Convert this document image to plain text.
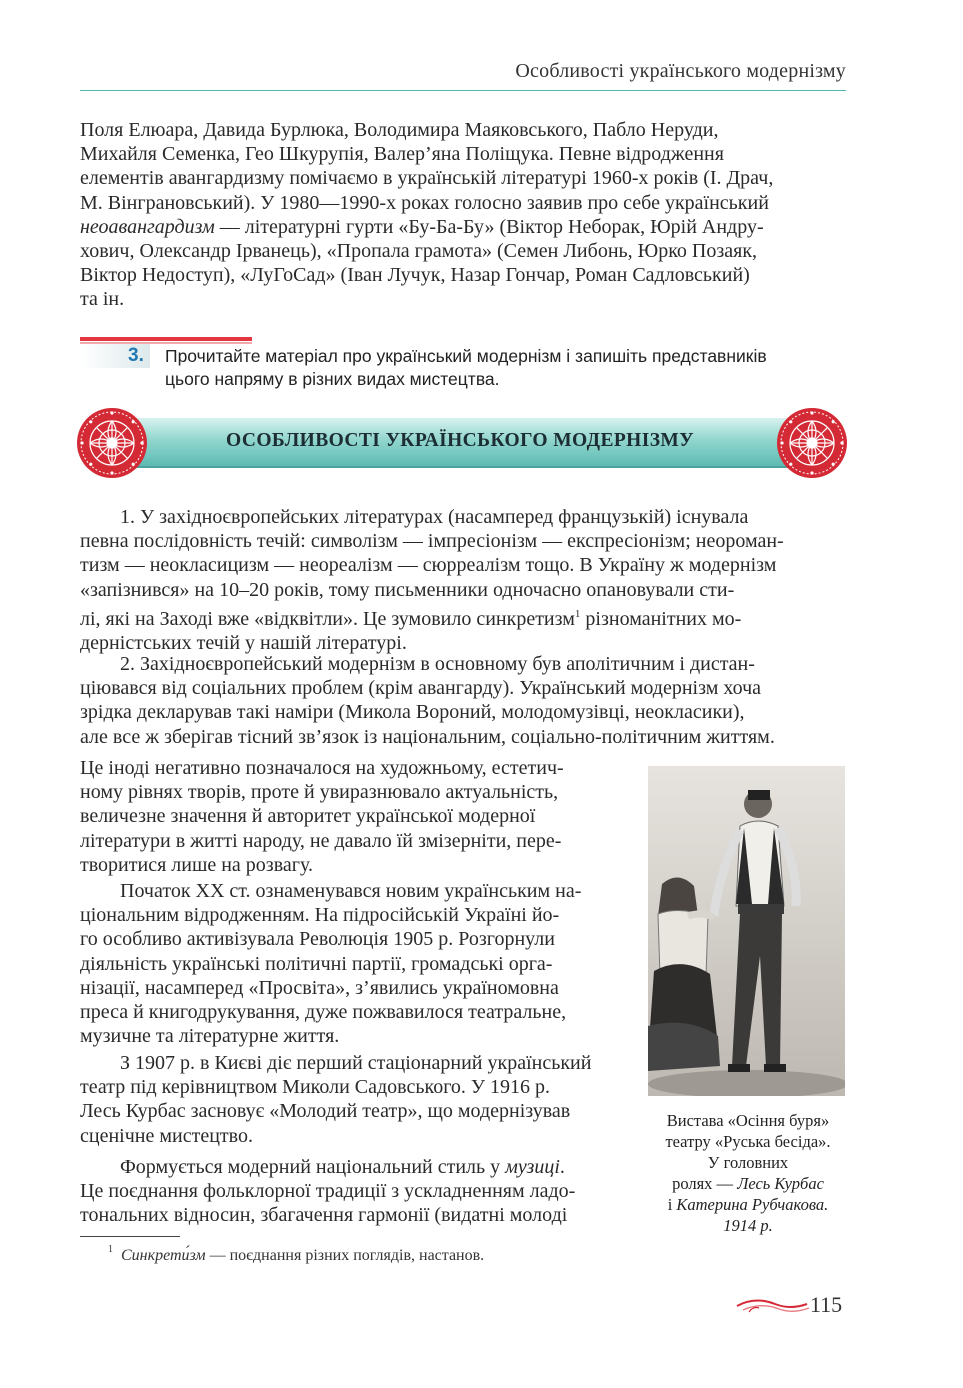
Особливості українського модернізму
Поля Елюара, Давида Бурлюка, Володимира Маяковського, Пабло Неруди,
Михайля Семенка, Гео Шкурупія, Валер’яна Поліщука. Певне відродження
елементів авангардизму помічаємо в українській літературі 1960-х років (І. Драч,
М. Вінграновський). У 1980—1990-х роках голосно заявив про себе український
неоавангардизм — літературні гурти «Бу-Ба-Бу» (Віктор Неборак, Юрій Андру-
хович, Олександр Ірванець), «Пропала грамота» (Семен Либонь, Юрко Позаяк,
Віктор Недоступ), «ЛуГоСад» (Іван Лучук, Назар Гончар, Роман Садловський)
та ін.
3. Прочитайте матеріал про український модернізм і запишіть представників
цього напряму в різних видах мистецтва.
ОСОБЛИВОСТІ УКРАЇНСЬКОГО МОДЕРНІЗМУ
1. У західноєвропейських літературах (насамперед французькій) існувала
певна послідовність течій: символізм — імпресіонізм — експресіонізм; неороман-
тизм — неокласицизм — неореалізм — сюрреалізм тощо. В Україну ж модернізм
«запізнився» на 10–20 років, тому письменники одночасно опановували сти-
лі, які на Заході вже «відквітли». Це зумовило синкретизм$^1$ різноманітних мо-
дерністських течій у нашій літературі.
2. Західноєвропейський модернізм в основному був аполітичним і дистан-
ціювався від соціальних проблем (крім авангарду). Український модернізм хоча
зрідка декларував такі наміри (Микола Вороний, молодомузівці, неокласики),
але все ж зберігав тісний зв’язок із національним, соціально-політичним життям.
Це іноді негативно позначалося на художньому, естетич-
ному рівнях творів, проте й увиразнювало актуальність,
величезне значення й авторитет української модерної
літератури в житті народу, не давало їй змізерніти, пере-
творитися лише на розвагу.
Початок XX ст. ознаменувався новим українським на-
ціональним відродженням. На підросійській Україні йо-
го особливо активізувала Революція 1905 р. Розгорнули
діяльність українські політичні партії, громадські орга-
нізації, насамперед «Просвіта», з’явились україномовна
преса й книгодрукування, дуже пожвавилося театральне,
музичне та літературне життя.
З 1907 р. в Києві діє перший стаціонарний український
театр під керівництвом Миколи Садовського. У 1916 р.
Лесь Курбас засновує «Молодий театр», що модернізував
сценічне мистецтво.
Формується модерний національний стиль у музиці.
Це поєднання фольклорної традиції з ускладненням ладо-
тональних відносин, збагачення гармонії (видатні молоді
Вистава «Осіння буря»
театру «Руська бесіда».
У головних
ролях — Лесь Курбас
і Катерина Рубчакова.
1914 р.
$^1$ Синкрети́зм — поєднання різних поглядів, настанов.
115
